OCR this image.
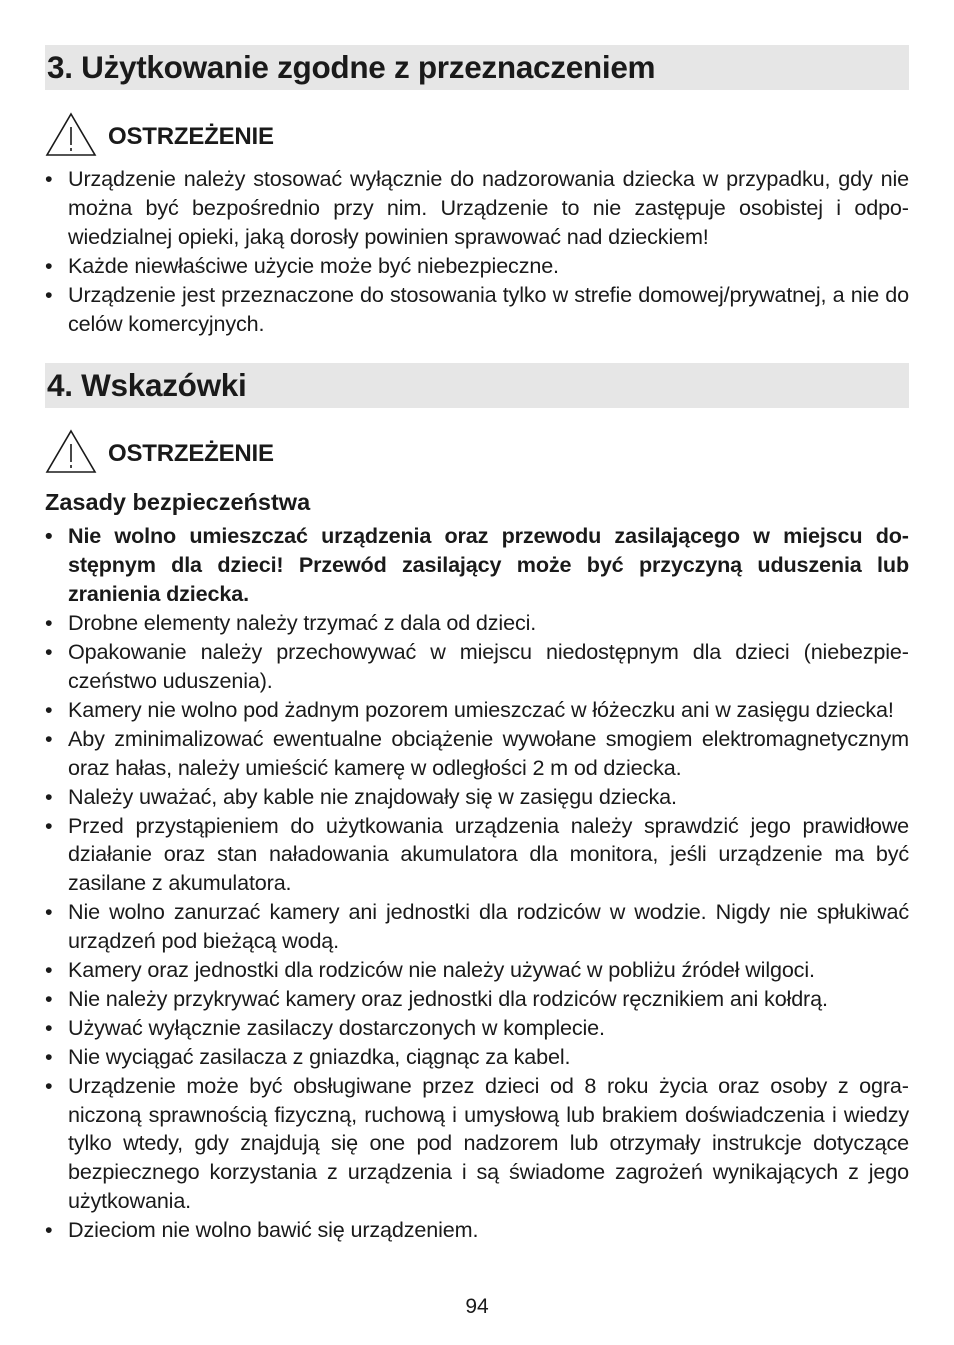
3. Użytkowanie zgodne z przeznaczeniem
OSTRZEŻENIE
• Urządzenie należy stosować wyłącznie do nadzorowania dziecka w przypadku, gdy nie można być bezpośrednio przy nim. Urządzenie to nie zastępuje osobistej i odpowiedzialnej opieki, jaką dorosły powinien sprawować nad dzieckiem!
• Każde niewłaściwe użycie może być niebezpieczne.
• Urządzenie jest przeznaczone do stosowania tylko w strefie domowej/prywatnej, a nie do celów komercyjnych.
4. Wskazówki
OSTRZEŻENIE
Zasady bezpieczeństwa
• Nie wolno umieszczać urządzenia oraz przewodu zasilającego w miejscu dostępnym dla dzieci! Przewód zasilający może być przyczyną uduszenia lub zranienia dziecka.
• Drobne elementy należy trzymać z dala od dzieci.
• Opakowanie należy przechowywać w miejscu niedostępnym dla dzieci (niebezpieczeństwo uduszenia).
• Kamery nie wolno pod żadnym pozorem umieszczać w łóżeczku ani w zasięgu dziecka!
• Aby zminimalizować ewentualne obciążenie wywołane smogiem elektromagnetycznym oraz hałas, należy umieścić kamerę w odległości 2 m od dziecka.
• Należy uważać, aby kable nie znajdowały się w zasięgu dziecka.
• Przed przystąpieniem do użytkowania urządzenia należy sprawdzić jego prawidłowe działanie oraz stan naładowania akumulatora dla monitora, jeśli urządzenie ma być zasilane z akumulatora.
• Nie wolno zanurzać kamery ani jednostki dla rodziców w wodzie. Nigdy nie spłukiwać urządzeń pod bieżącą wodą.
• Kamery oraz jednostki dla rodziców nie należy używać w pobliżu źródeł wilgoci.
• Nie należy przykrywać kamery oraz jednostki dla rodziców ręcznikiem ani kołdrą.
• Używać wyłącznie zasilaczy dostarczonych w komplecie.
• Nie wyciągać zasilacza z gniazdka, ciągnąc za kabel.
• Urządzenie może być obsługiwane przez dzieci od 8 roku życia oraz osoby z ograniczoną sprawnością fizyczną, ruchową i umysłową lub brakiem doświadczenia i wiedzy tylko wtedy, gdy znajdują się one pod nadzorem lub otrzymały instrukcje dotyczące bezpiecznego korzystania z urządzenia i są świadome zagrożeń wynikających z jego użytkowania.
• Dzieciom nie wolno bawić się urządzeniem.
94
